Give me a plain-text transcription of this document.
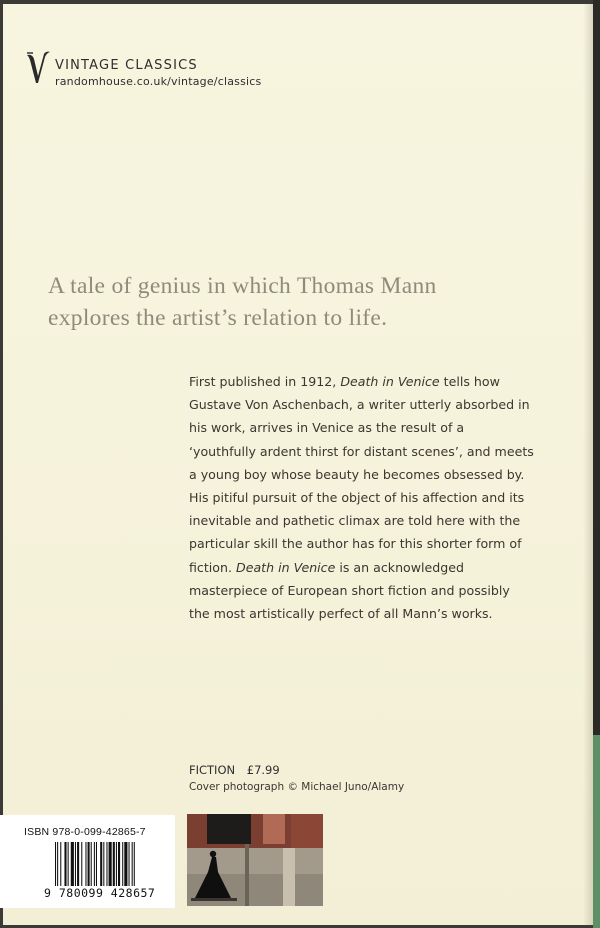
VINTAGE CLASSICS
randomhouse.co.uk/vintage/classics
A tale of genius in which Thomas Mann explores the artist’s relation to life.

First published in 1912, Death in Venice tells how Gustave Von Aschenbach, a writer utterly absorbed in his work, arrives in Venice as the result of a ‘youthfully ardent thirst for distant scenes’, and meets a young boy whose beauty he becomes obsessed by. His pitiful pursuit of the object of his affection and its inevitable and pathetic climax are told here with the particular skill the author has for this shorter form of fiction. Death in Venice is an acknowledged masterpiece of European short fiction and possibly the most artistically perfect of all Mann’s works.

FICTION £7.99
Cover photograph © Michael Juno/Alamy
ISBN 978-0-099-42865-7
9 780099 428657
